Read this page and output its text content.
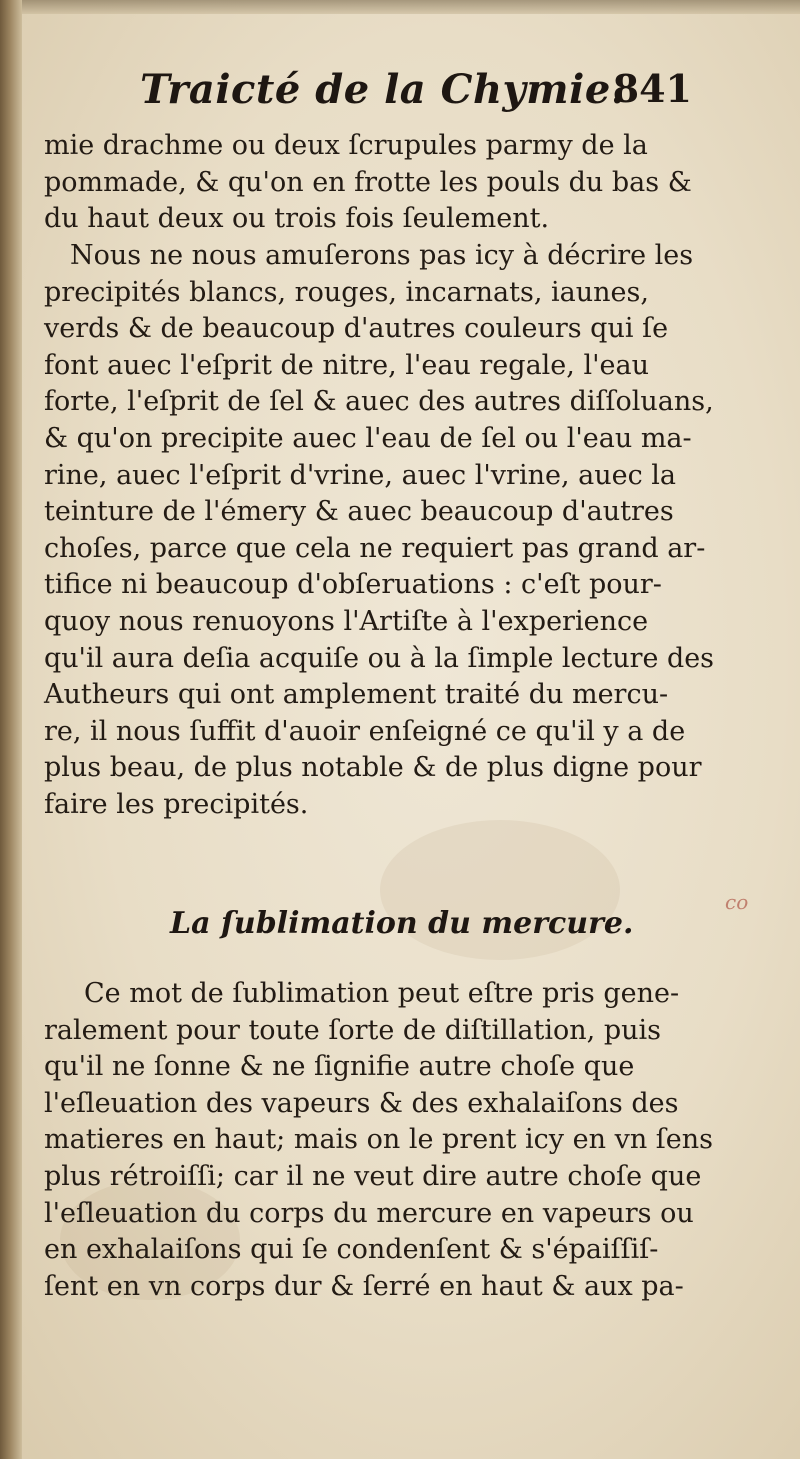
Traicté de la Chymie.
841
mie drachme ou deux ſcrupules parmy de la
pommade, & qu'on en frotte les pouls du bas &
du haut deux ou trois fois ſeulement.
Nous ne nous amuſerons pas icy à décrire les
precipités blancs, rouges, incarnats, iaunes,
verds & de beaucoup d'autres couleurs qui ſe
font auec l'eſprit de nitre, l'eau regale, l'eau
forte, l'eſprit de ſel & auec des autres diſſoluans,
& qu'on precipite auec l'eau de ſel ou l'eau ma-
rine, auec l'eſprit d'vrine, auec l'vrine, auec la
teinture de l'émery & auec beaucoup d'autres
choſes, parce que cela ne requiert pas grand ar-
tifice ni beaucoup d'obſeruations : c'eſt pour-
quoy nous renuoyons l'Artiſte à l'experience
qu'il aura deſia acquiſe ou à la ſimple lecture des
Autheurs qui ont amplement traité du mercu-
re, il nous ſuffit d'auoir enſeigné ce qu'il y a de
plus beau, de plus notable & de plus digne pour
faire les precipités.
La ſublimation du mercure.
co
Ce mot de ſublimation peut eſtre pris gene-
ralement pour toute ſorte de diſtillation, puis
qu'il ne ſonne & ne ſignifie autre choſe que
l'eſleuation des vapeurs & des exhalaiſons des
matieres en haut; mais on le prent icy en vn ſens
plus rétroiſſi; car il ne veut dire autre choſe que
l'eſleuation du corps du mercure en vapeurs ou
en exhalaiſons qui ſe condenſent & s'épaiſſiſ-
ſent en vn corps dur & ſerré en haut & aux pa-
